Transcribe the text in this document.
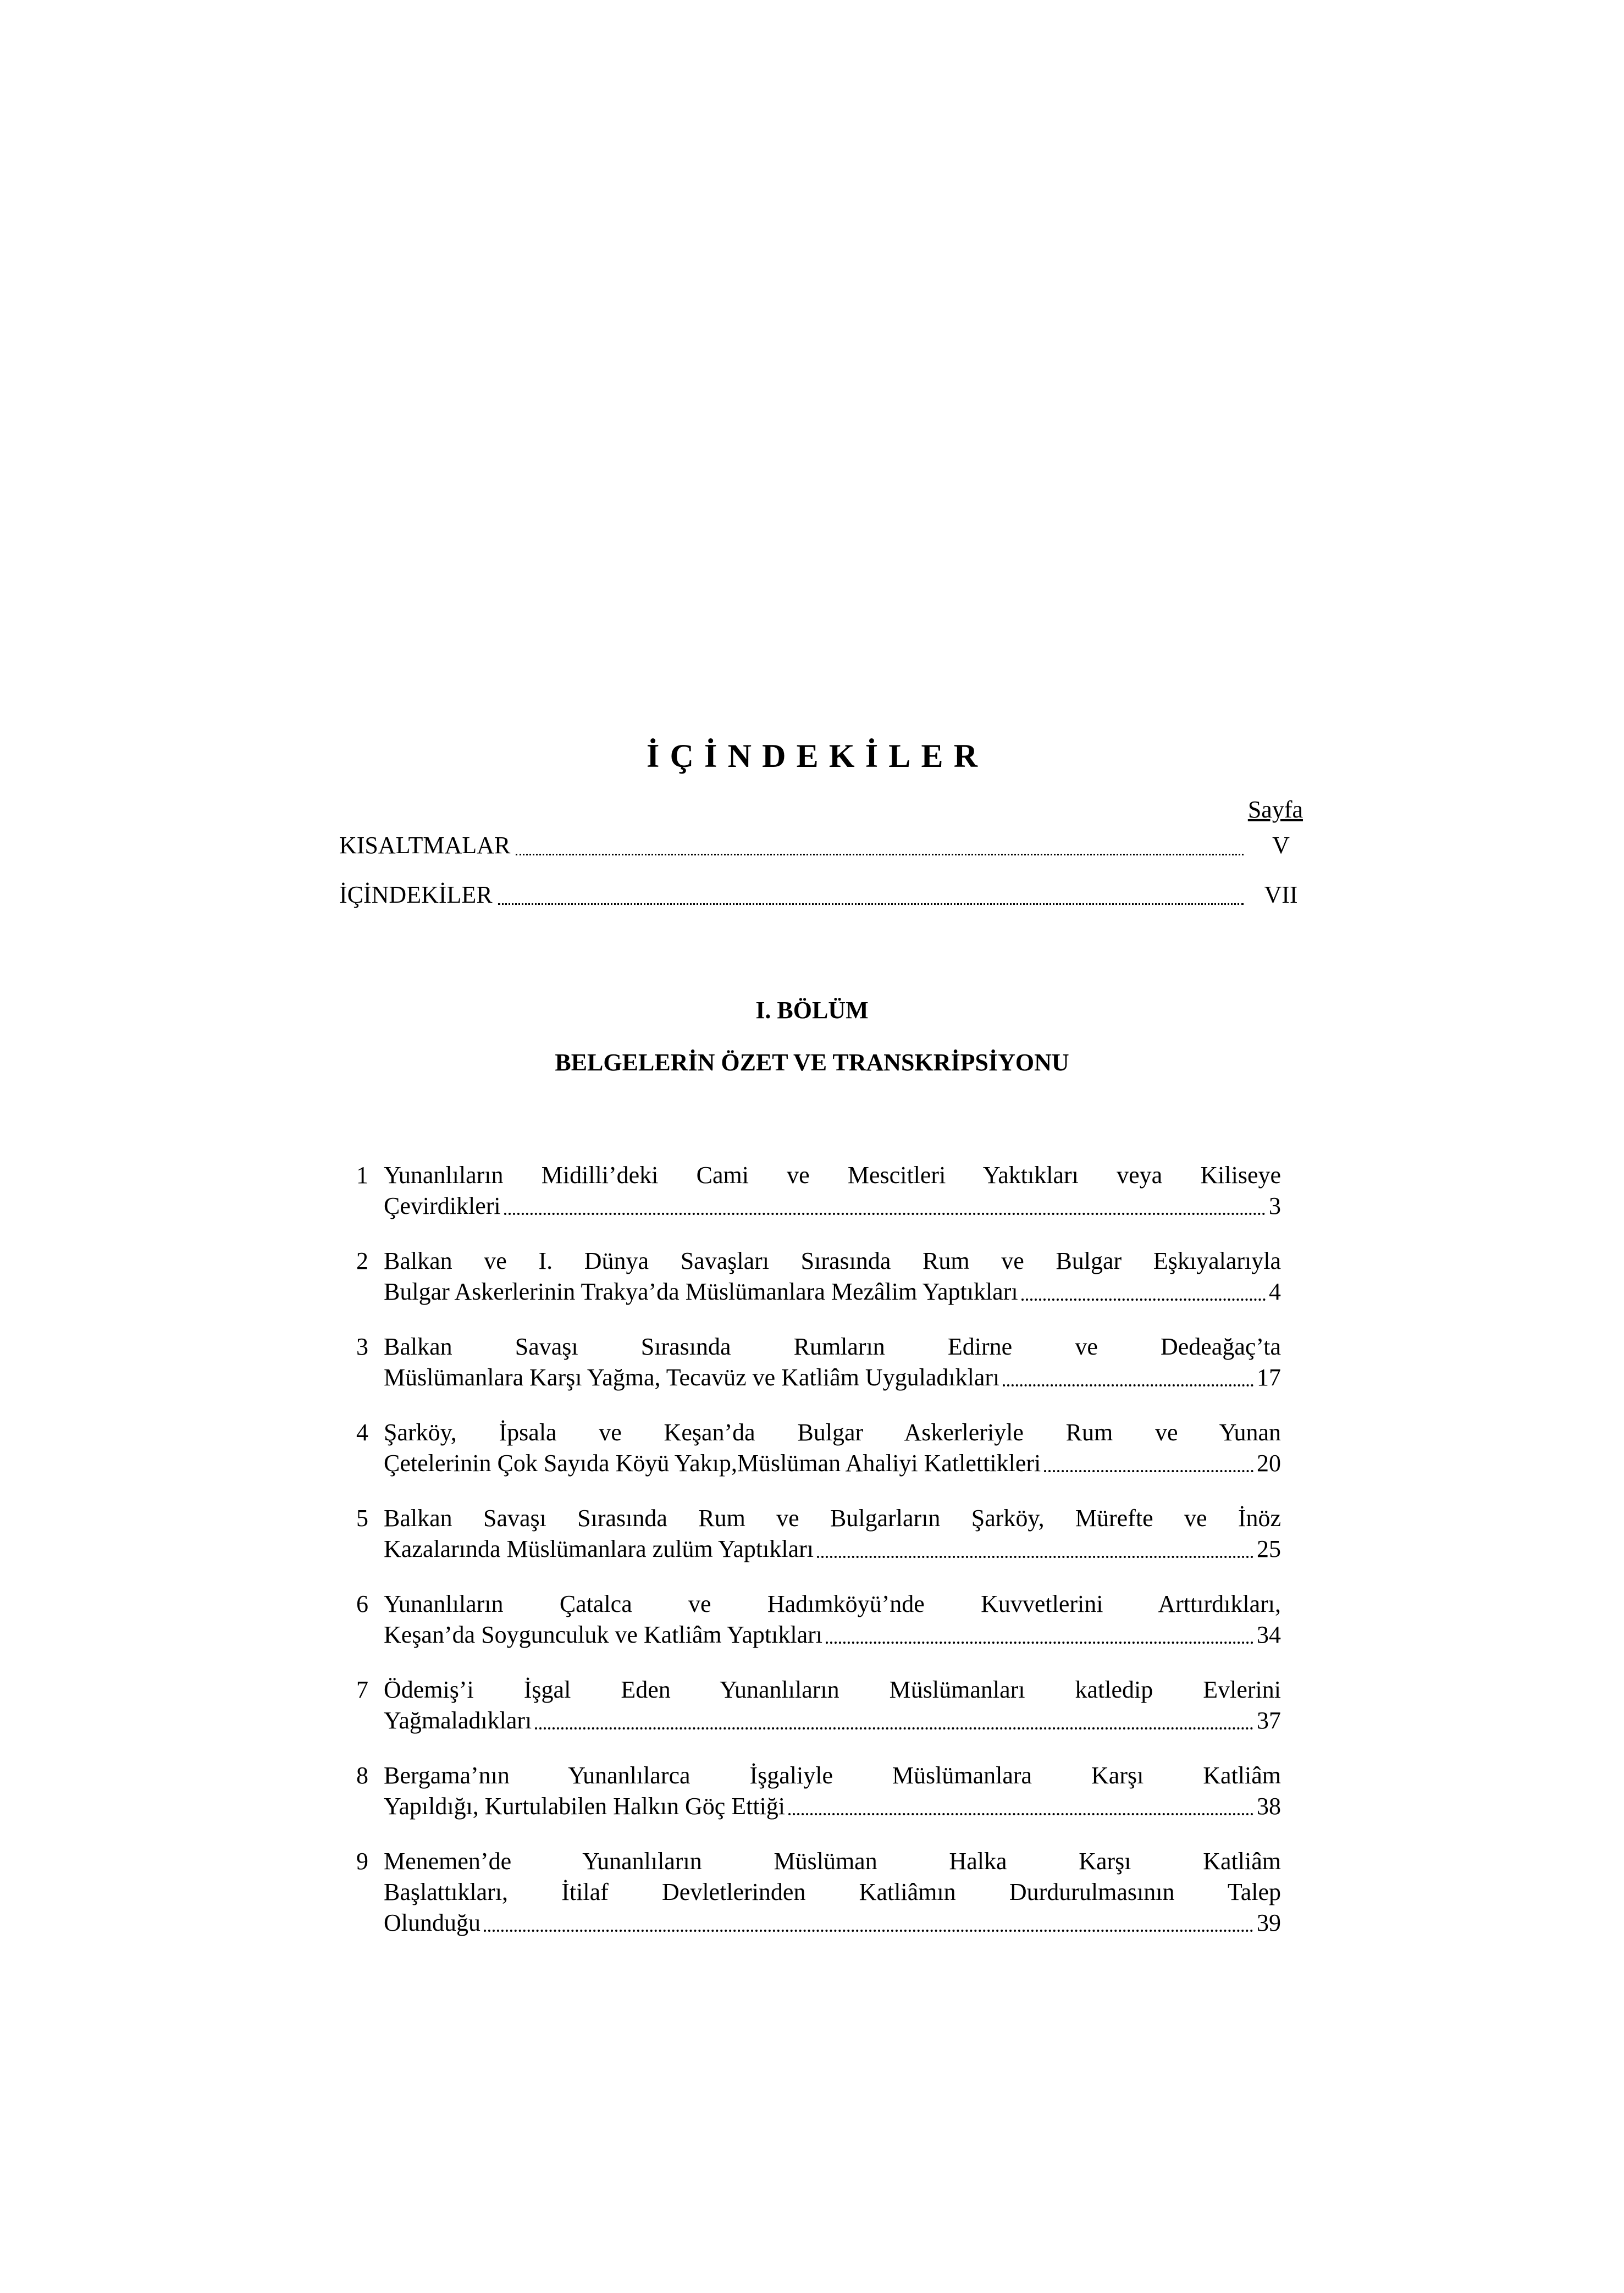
İÇİNDEKİLER
Sayfa
KISALTMALAR	V
İÇİNDEKİLER	VII
I. BÖLÜM
BELGELERİN ÖZET VE TRANSKRİPSİYONU
1 Yunanlıların Midilli’deki Cami ve Mescitleri Yaktıkları veya Kiliseye
Çevirdikleri	3
2 Balkan ve I. Dünya Savaşları Sırasında Rum ve Bulgar Eşkıyalarıyla
Bulgar Askerlerinin Trakya’da Müslümanlara Mezâlim Yaptıkları	4
3 Balkan Savaşı Sırasında Rumların Edirne ve Dedeağaç’ta
Müslümanlara Karşı Yağma, Tecavüz ve Katliâm Uyguladıkları	17
4 Şarköy, İpsala ve Keşan’da Bulgar Askerleriyle Rum ve Yunan
Çetelerinin Çok Sayıda Köyü Yakıp,Müslüman Ahaliyi Katlettikleri	20
5 Balkan Savaşı Sırasında Rum ve Bulgarların Şarköy, Mürefte ve İnöz
Kazalarında Müslümanlara zulüm Yaptıkları	25
6 Yunanlıların Çatalca ve Hadımköyü’nde Kuvvetlerini Arttırdıkları,
Keşan’da Soygunculuk ve Katliâm Yaptıkları	34
7 Ödemiş’i İşgal Eden Yunanlıların Müslümanları katledip Evlerini
Yağmaladıkları	37
8 Bergama’nın Yunanlılarca İşgaliyle Müslümanlara Karşı Katliâm
Yapıldığı, Kurtulabilen Halkın Göç Ettiği	38
9 Menemen’de Yunanlıların Müslüman Halka Karşı Katliâm
Başlattıkları, İtilaf Devletlerinden Katliâmın Durdurulmasının Talep
Olunduğu	39
